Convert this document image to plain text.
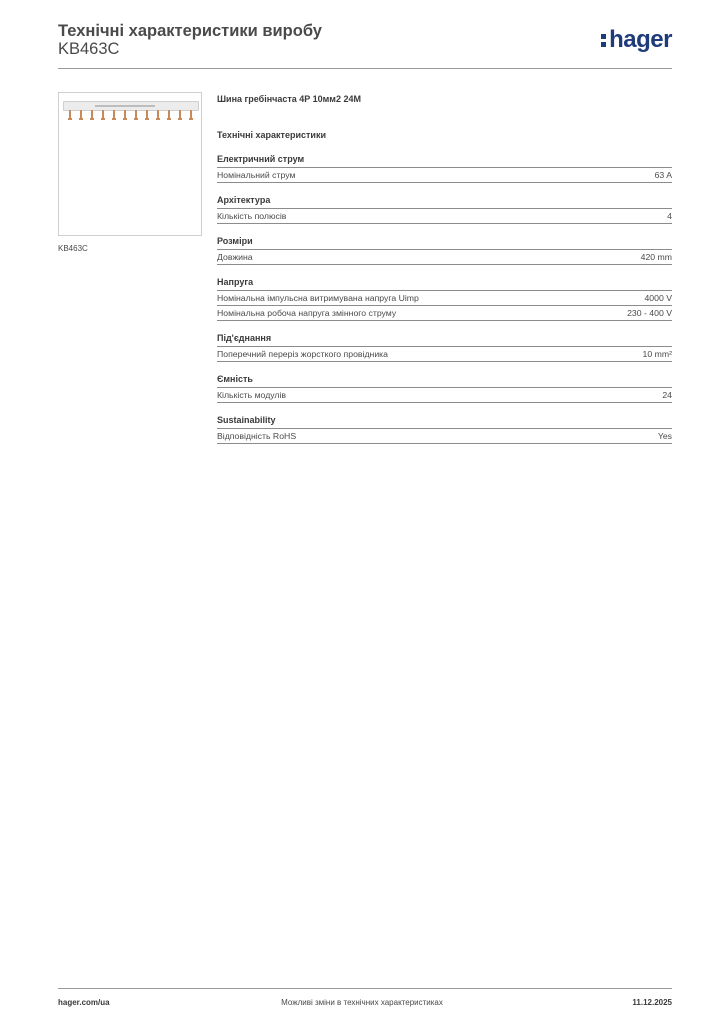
Технічні характеристики виробу
KB463C	hager
KB463C
Шина гребінчаста 4P 10мм2 24M
Технічні характеристики
Електричний струм
Номінальний струм	63 A
Архітектура
Кількість полюсів	4
Розміри
Довжина	420 mm
Напруга
Номінальна імпульсна витримувана напруга Uimp	4000 V
Номінальна робоча напруга змінного струму	230 - 400 V
Під'єднання
Поперечний переріз жорсткого провідника	10 mm²
Ємність
Кількість модулів	24
Sustainability
Відповідність RoHS	Yes
hager.com/ua	Можливі зміни в технічних характеристиках	11.12.2025
